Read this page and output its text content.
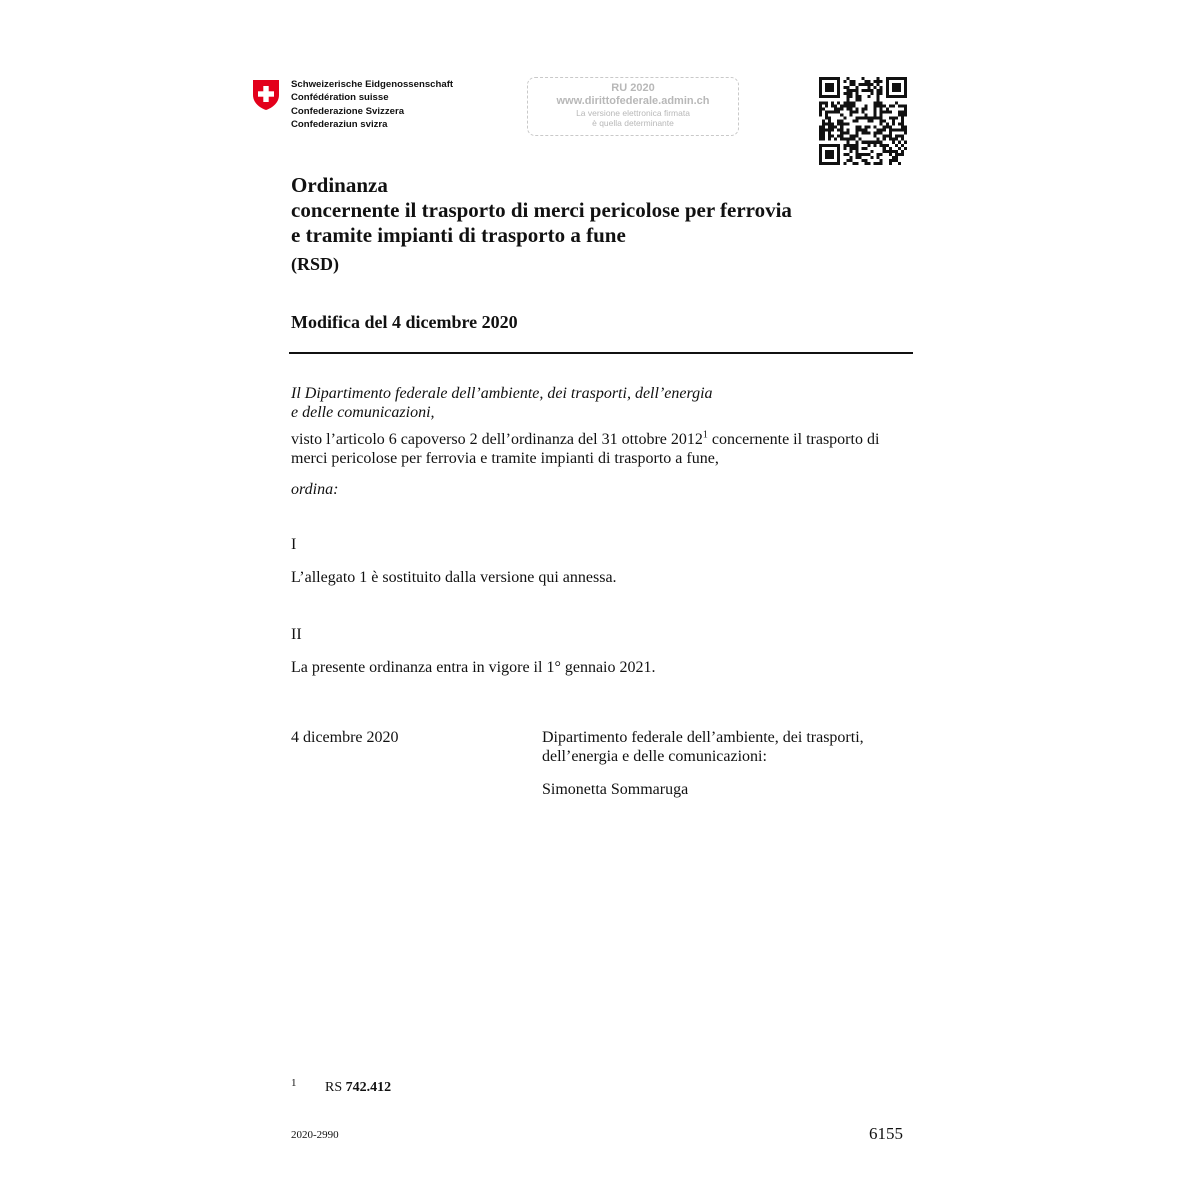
Schweizerische Eidgenossenschaft
Confédération suisse
Confederazione Svizzera
Confederaziun svizra
RU 2020
www.dirittofederale.admin.ch
La versione elettronica firmata
è quella determinante
Ordinanza
concernente il trasporto di merci pericolose per ferrovia
e tramite impianti di trasporto a fune
(RSD)
Modifica del 4 dicembre 2020
Il Dipartimento federale dell’ambiente, dei trasporti, dell’energia
e delle comunicazioni,
visto l’articolo 6 capoverso 2 dell’ordinanza del 31 ottobre 2012$^1$ concernente il trasporto di merci pericolose per ferrovia e tramite impianti di trasporto a fune,
ordina:
I
L’allegato 1 è sostituito dalla versione qui annessa.
II
La presente ordinanza entra in vigore il 1° gennaio 2021.
4 dicembre 2020	Dipartimento federale dell’ambiente, dei trasporti, dell’energia e delle comunicazioni:
Simonetta Sommaruga
1 RS 742.412
2020-2990	6155
